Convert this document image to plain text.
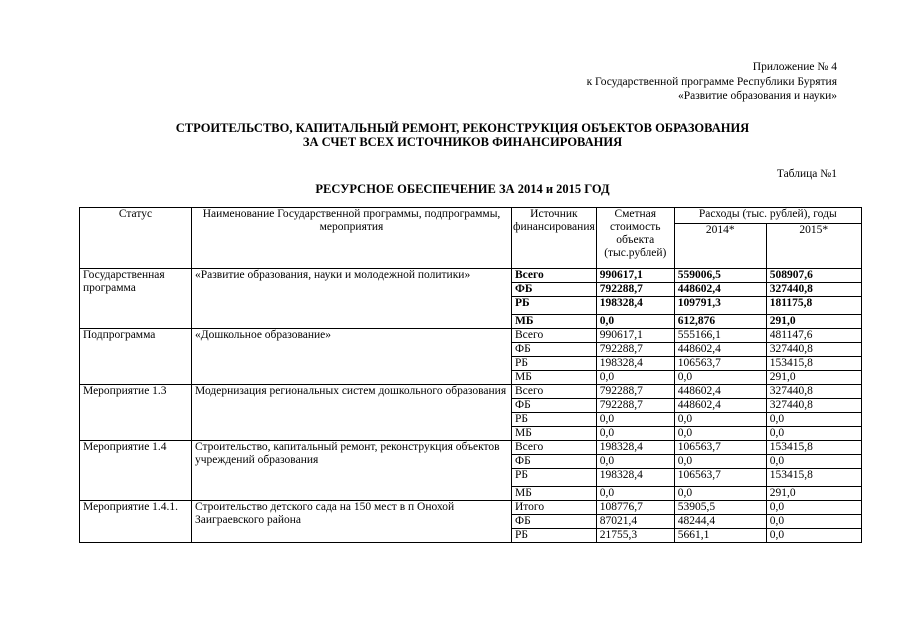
Приложение № 4
к Государственной программе Республики Бурятия
«Развитие образования и науки»
СТРОИТЕЛЬСТВО, КАПИТАЛЬНЫЙ РЕМОНТ, РЕКОНСТРУКЦИЯ ОБЪЕКТОВ ОБРАЗОВАНИЯ
ЗА СЧЕТ ВСЕХ ИСТОЧНИКОВ ФИНАНСИРОВАНИЯ
Таблица №1
РЕСУРСНОЕ ОБЕСПЕЧЕНИЕ ЗА 2014 и 2015 ГОД
Статус	Наименование Государственной программы, подпрограммы, мероприятия	Источник финансирования	Сметная стоимость объекта (тыс.рублей)	Расходы (тыс. рублей), годы	
				2014*	2015*
Государственная программа	«Развитие образования, науки и молодежной политики»	Всего	990617,1	559006,5	508907,6
		ФБ	792288,7	448602,4	327440,8
		РБ	198328,4	109791,3	181175,8
		МБ	0,0	612,876	291,0
Подпрограмма	«Дошкольное образование»	Всего	990617,1	555166,1	481147,6
		ФБ	792288,7	448602,4	327440,8
		РБ	198328,4	106563,7	153415,8
		МБ	0,0	0,0	291,0
Мероприятие 1.3	Модернизация региональных систем дошкольного образования	Всего	792288,7	448602,4	327440,8
		ФБ	792288,7	448602,4	327440,8
		РБ	0,0	0,0	0,0
		МБ	0,0	0,0	0,0
Мероприятие 1.4	Строительство, капитальный ремонт, реконструкция объектов учреждений образования	Всего	198328,4	106563,7	153415,8
		ФБ	0,0	0,0	0,0
		РБ	198328,4	106563,7	153415,8
		МБ	0,0	0,0	291,0
Мероприятие 1.4.1.	Строительство детского сада на 150 мест в п Онохой Заиграевского района	Итого	108776,7	53905,5	0,0
		ФБ	87021,4	48244,4	0,0
		РБ	21755,3	5661,1	0,0
